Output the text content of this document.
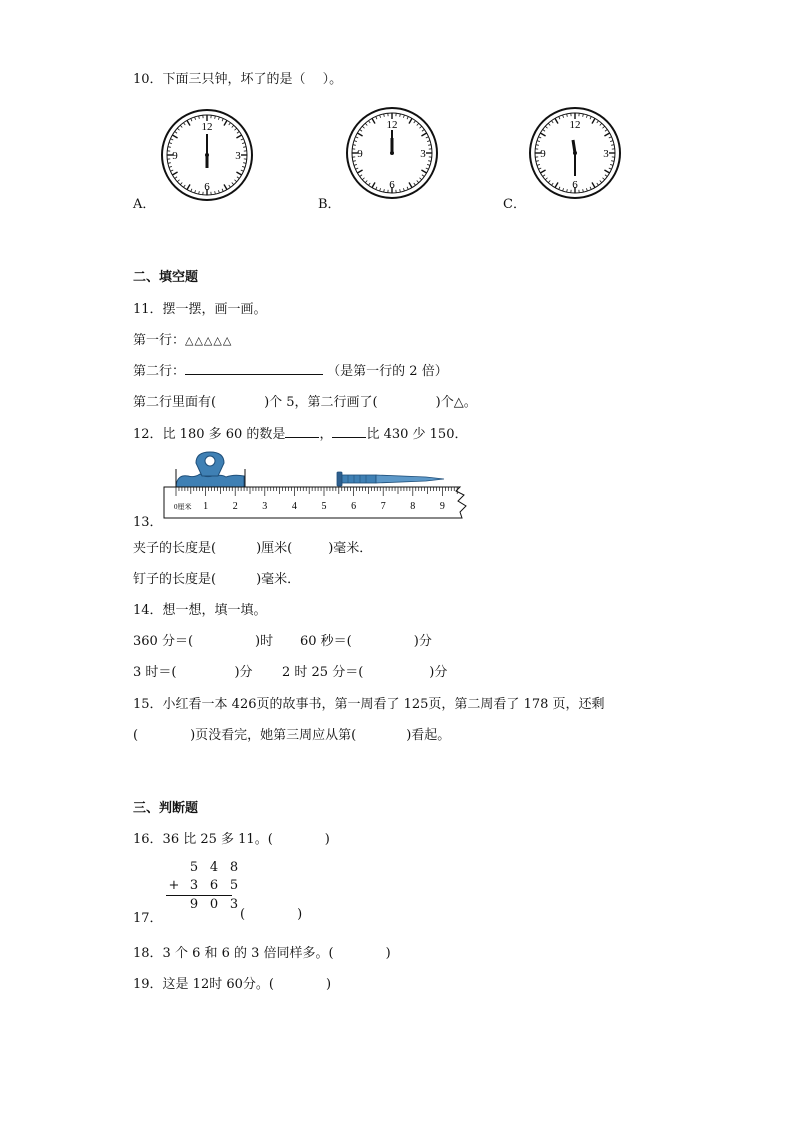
10．下面三只钟，坏了的是（　 ）。
12
3
6
9
A．
12
3
6
9
B．
12
3
6
9
C．
二、填空题
11．摆一摆，画一画。
第一行：△△△△△
第二行：	（是第一行的 2 倍）
第二行里面有(	)个 5，第二行画了(	)个△。
12．比 180 多 60 的数是	，	比 430 少 150．
0厘米 1 2 3 4 5 6 7 8 9
13．
夹子的长度是(	)厘米(	)毫米．
钉子的长度是(	)毫米．
14．想一想，填一填。
360 分＝(	)时 60 秒＝(	)分
3 时＝(	)分 2 时 25 分＝(	)分
15．小红看一本 426页的故事书，第一周看了 125页，第二周看了 178 页，还剩
(	)页没看完，她第三周应从第(	)看起。
三、判断题
16．36 比 25 多 11。(	)
5 4 8
+ 3 6 5
9 0 3
17．	(	)
18．3 个 6 和 6 的 3 倍同样多。(	)
19．这是 12时 60分。(	)
